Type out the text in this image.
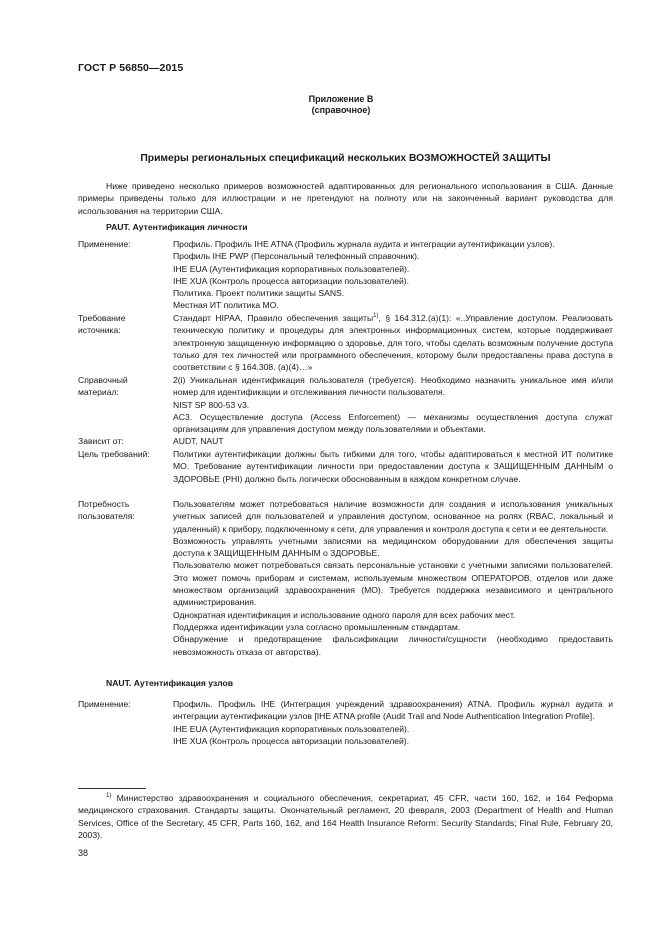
ГОСТ Р 56850—2015
Приложение В
(справочное)
Примеры региональных спецификаций нескольких ВОЗМОЖНОСТЕЙ ЗАЩИТЫ
Ниже приведено несколько примеров возможностей адаптированных для регионального использования в США. Данные примеры приведены только для иллюстрации и не претендуют на полноту или на законченный вариант руководства для использования на территории США.
PAUT. Аутентификация личности
Применение:	Профиль. Профиль IHE ATNA (Профиль журнала аудита и интеграции аутентификации узлов).

Профиль IHE PWP (Персональный телефонный справочник).

IHE EUA (Аутентификация корпоративных пользователей).

IHE XUA (Контроль процесса авторизации пользователей).

Политика. Проект политики защиты SANS.

Местная ИТ политика МО.

Требование источника:

Стандарт HIPAA, Правило обеспечения защиты$^{1)}$, § 164.312.(a)(1): «..Управление доступом. Реализовать техническую политику и процедуры для электронных информационных систем, которые поддерживает электронную защищенную информацию о здоровье, для того, чтобы сделать возможным получение доступа только для тех личностей или программного обеспечения, которому были предоставлены права доступа в соответствии с § 164.308. (a)(4)…»

Справочный материал:

2(i) Уникальная идентификация пользователя (требуется). Необходимо назначить уникальное имя и/или номер для идентификации и отслеживания личности пользователя.

NIST SP 800-53 v3.

AC3. Осуществление доступа (Access Enforcement) — механизмы осуществления доступа служат организациям для управления доступом между пользователями и объектами.

Зависит от:	AUDT, NAUT
Цель требований:	Политики аутентификации должны быть гибкими для того, чтобы адаптироваться к местной ИТ политике МО. Требование аутентификации личности при предоставлении доступа к ЗАЩИЩЕННЫМ ДАННЫМ о ЗДОРОВЬЕ (PHI) должно быть логически обоснованным в каждом конкретном случае.
Потребность пользователя:

Пользователям может потребоваться наличие возможности для создания и использования уникальных учетных записей для пользователей и управления доступом, основанное на ролях (RBAC, локальный и удаленный) к прибору, подключенному к сети, для управления и контроля доступа к сети и ее деятельности.

Возможность управлять учетными записями на медицинском оборудовании для обеспечения защиты доступа к ЗАЩИЩЕННЫМ ДАННЫМ о ЗДОРОВЬЕ.

Пользователю может потребоваться связать персональные установки с учетными записями пользователей. Это может помочь приборам и системам, используемым множеством ОПЕРАТОРОВ, отделов или даже множеством организаций здравоохранения (МО). Требуется поддержка независимого и центрального администрирования.

Однократная идентификация и использование одного пароля для всех рабочих мест.

Поддержка идентификации узла согласно промышленным стандартам.

Обнаружение и предотвращение фальсификации личности/сущности (необходимо предоставить невозможность отказа от авторства).

NAUT. Аутентификация узлов
Применение:	Профиль. Профиль IHE (Интеграция учреждений здравоохранения) ATNA. Профиль журнал аудита и интеграции аутентификации узлов [IHE ATNA profile (Audit Trail and Node Authentication Integration Profile].

IHE EUA (Аутентификация корпоративных пользователей).

IHE XUA (Контроль процесса авторизации пользователей).

$^{1)}$ Министерство здравоохранения и социального обеспечения, секретариат, 45 CFR, части 160, 162, и 164 Реформа медицинского страхования. Стандарты защиты. Окончательный регламент, 20 февраля, 2003 (Department of Health and Human Services, Office of the Secretary, 45 CFR, Parts 160, 162, and 164 Health Insurance Reform: Security Standards; Final Rule, February 20, 2003).
38
